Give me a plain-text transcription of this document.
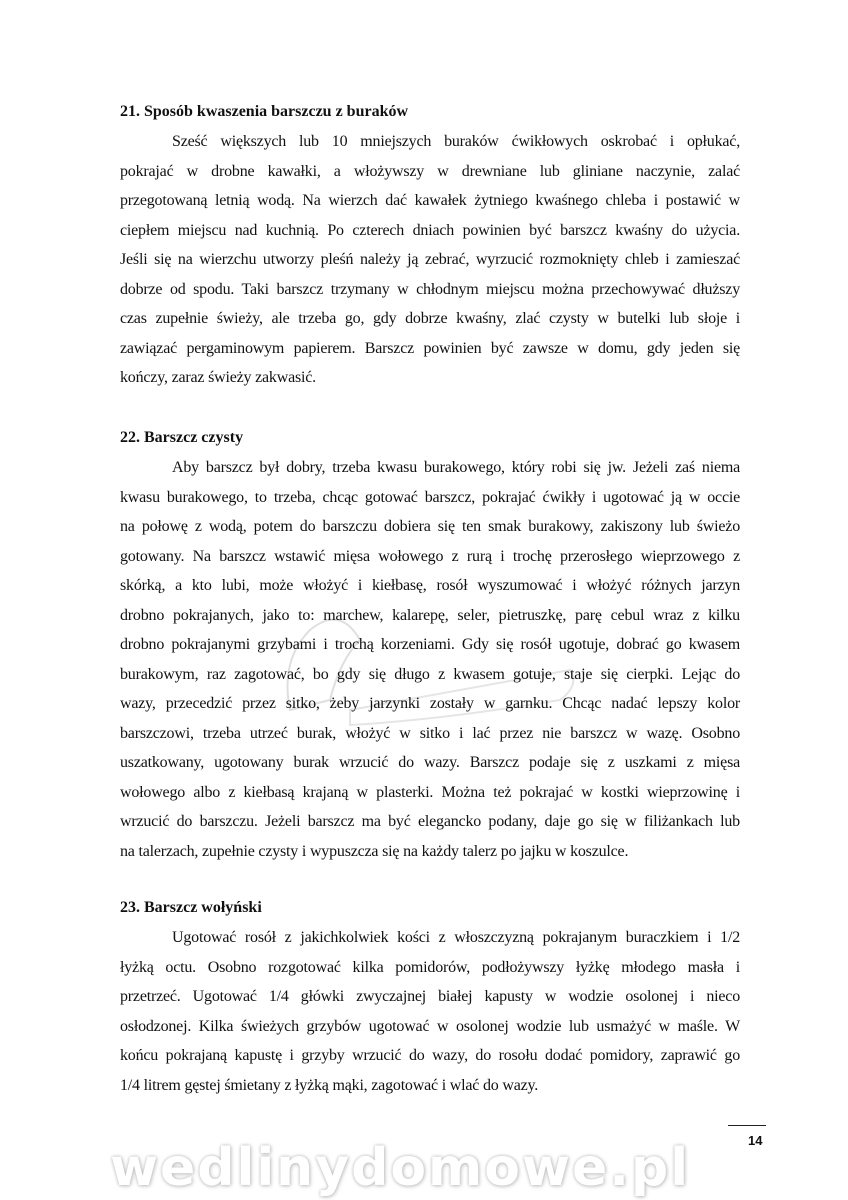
21. Sposób kwaszenia barszczu z buraków
Sześć większych lub 10 mniejszych buraków ćwikłowych oskrobać i opłukać,
pokrajać w drobne kawałki, a włożywszy w drewniane lub gliniane naczynie, zalać
przegotowaną letnią wodą. Na wierzch dać kawałek żytniego kwaśnego chleba i postawić w
ciepłem miejscu nad kuchnią. Po czterech dniach powinien być barszcz kwaśny do użycia.
Jeśli się na wierzchu utworzy pleśń należy ją zebrać, wyrzucić rozmoknięty chleb i zamieszać
dobrze od spodu. Taki barszcz trzymany w chłodnym miejscu można przechowywać dłuższy
czas zupełnie świeży, ale trzeba go, gdy dobrze kwaśny, zlać czysty w butelki lub słoje i
zawiązać pergaminowym papierem. Barszcz powinien być zawsze w domu, gdy jeden się
kończy, zaraz świeży zakwasić.
22. Barszcz czysty
Aby barszcz był dobry, trzeba kwasu burakowego, który robi się jw. Jeżeli zaś niema
kwasu burakowego, to trzeba, chcąc gotować barszcz, pokrajać ćwikły i ugotować ją w occie
na połowę z wodą, potem do barszczu dobiera się ten smak burakowy, zakiszony lub świeżo
gotowany. Na barszcz wstawić mięsa wołowego z rurą i trochę przerosłego wieprzowego z
skórką, a kto lubi, może włożyć i kiełbasę, rosół wyszumować i włożyć różnych jarzyn
drobno pokrajanych, jako to: marchew, kalarepę, seler, pietruszkę, parę cebul wraz z kilku
drobno pokrajanymi grzybami i trochą korzeniami. Gdy się rosół ugotuje, dobrać go kwasem
burakowym, raz zagotować, bo gdy się długo z kwasem gotuje, staje się cierpki. Lejąc do
wazy, przecedzić przez sitko, żeby jarzynki zostały w garnku. Chcąc nadać lepszy kolor
barszczowi, trzeba utrzeć burak, włożyć w sitko i lać przez nie barszcz w wazę. Osobno
uszatkowany, ugotowany burak wrzucić do wazy. Barszcz podaje się z uszkami z mięsa
wołowego albo z kiełbasą krajaną w plasterki. Można też pokrajać w kostki wieprzowinę i
wrzucić do barszczu. Jeżeli barszcz ma być elegancko podany, daje go się w filiżankach lub
na talerzach, zupełnie czysty i wypuszcza się na każdy talerz po jajku w koszulce.
23. Barszcz wołyński
Ugotować rosół z jakichkolwiek kości z włoszczyzną pokrajanym buraczkiem i 1/2
łyżką octu. Osobno rozgotować kilka pomidorów, podłożywszy łyżkę młodego masła i
przetrzeć. Ugotować 1/4 główki zwyczajnej białej kapusty w wodzie osolonej i nieco
osłodzonej. Kilka świeżych grzybów ugotować w osolonej wodzie lub usmażyć w maśle. W
końcu pokrajaną kapustę i grzyby wrzucić do wazy, do rosołu dodać pomidory, zaprawić go
1/4 litrem gęstej śmietany z łyżką mąki, zagotować i wlać do wazy.
wedlinydomowe.pl	14
